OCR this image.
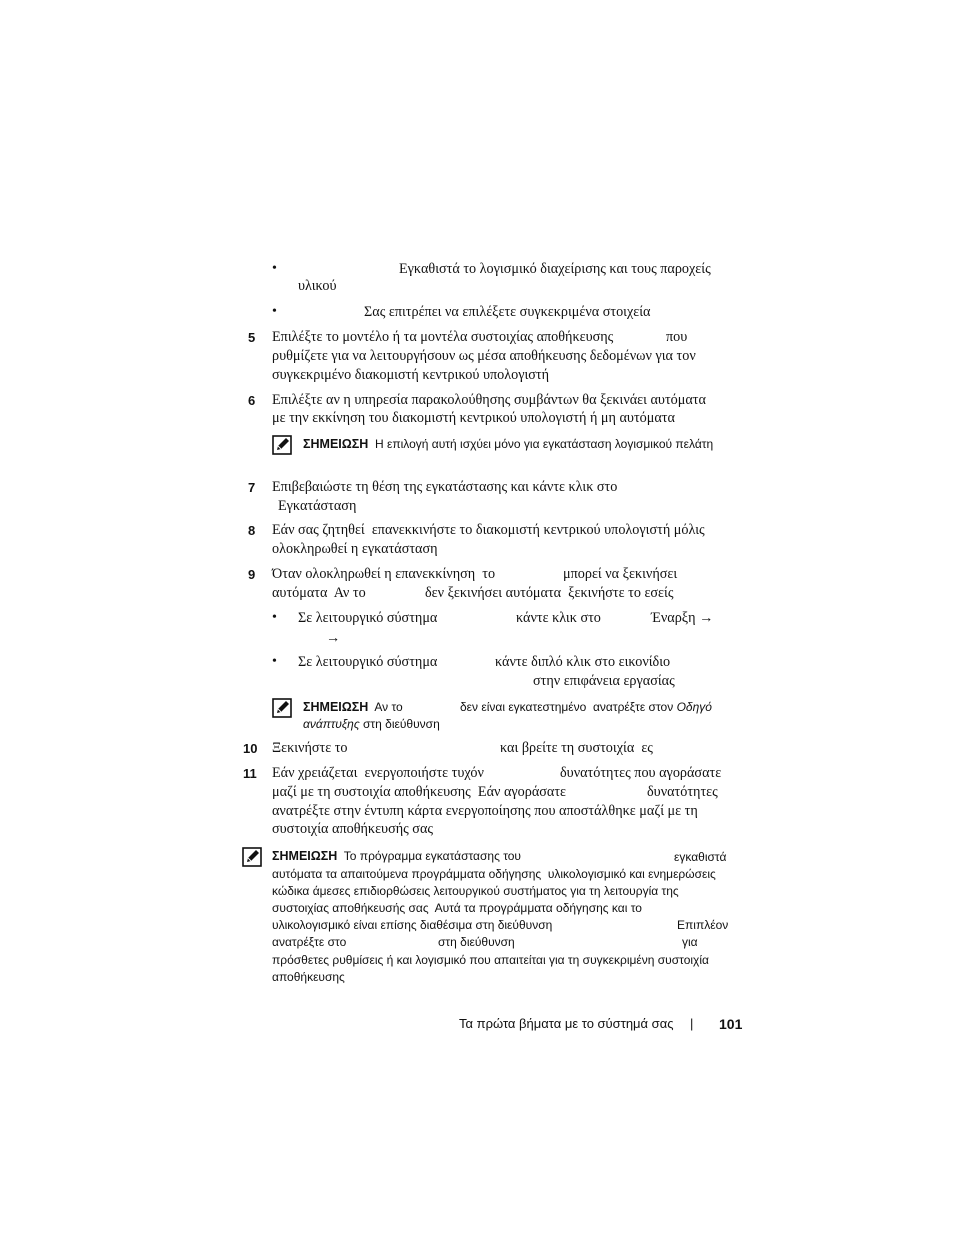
•	Εγκαθιστά το λογισμικό διαχείρισης και τους παροχείς
υλικού
•	Σας επιτρέπει να επιλέξετε συγκεκριμένα στοιχεία
5 Επιλέξτε το μοντέλο ή τα μοντέλα συστοιχίας αποθήκευσης	που
ρυθμίζετε για να λειτουργήσουν ως μέσα αποθήκευσης δεδομένων για τον
συγκεκριμένο διακομιστή κεντρικού υπολογιστή
6 Επιλέξτε αν η υπηρεσία παρακολούθησης συμβάντων θα ξεκινάει αυτόματα
με την εκκίνηση του διακομιστή κεντρικού υπολογιστή ή μη αυτόματα
ΣΗΜΕΙΩΣΗ Η επιλογή αυτή ισχύει μόνο για εγκατάσταση λογισμικού πελάτη
7 Επιβεβαιώστε τη θέση της εγκατάστασης και κάντε κλικ στο
Εγκατάσταση
8 Εάν σας ζητηθεί  επανεκκινήστε το διακομιστή κεντρικού υπολογιστή μόλις
ολοκληρωθεί η εγκατάσταση
9 Όταν ολοκληρωθεί η επανεκκίνηση  το	μπορεί να ξεκινήσει
αυτόματα  Αν το	δεν ξεκινήσει αυτόματα  ξεκινήστε το εσείς
• Σε λειτουργικό σύστημα	κάντε κλικ στο	Έναρξη →
→
• Σε λειτουργικό σύστημα	κάντε διπλό κλικ στο εικονίδιο
στην επιφάνεια εργασίας
ΣΗΜΕΙΩΣΗ Αν το	δεν είναι εγκατεστημένο  ανατρέξτε στον Οδηγό
ανάπτυξης στη διεύθυνση
10 Ξεκινήστε το	και βρείτε τη συστοιχία  ες
11 Εάν χρειάζεται  ενεργοποιήστε τυχόν	δυνατότητες που αγοράσατε
μαζί με τη συστοιχία αποθήκευσης  Εάν αγοράσατε	δυνατότητες
ανατρέξτε στην έντυπη κάρτα ενεργοποίησης που αποστάλθηκε μαζί με τη
συστοιχία αποθήκευσής σας
ΣΗΜΕΙΩΣΗ Το πρόγραμμα εγκατάστασης του	εγκαθιστά
αυτόματα τα απαιτούμενα προγράμματα οδήγησης  υλικολογισμικό και ενημερώσεις
κώδικα άμεσες επιδιορθώσεις λειτουργικού συστήματος για τη λειτουργία της
συστοιχίας αποθήκευσής σας  Αυτά τα προγράμματα οδήγησης και το
υλικολογισμικό είναι επίσης διαθέσιμα στη διεύθυνση	Επιπλέον
ανατρέξτε στο	στη διεύθυνση	για
πρόσθετες ρυθμίσεις ή και λογισμικό που απαιτείται για τη συγκεκριμένη συστοιχία
αποθήκευσης
Τα πρώτα βήματα με το σύστημά σας | 101
